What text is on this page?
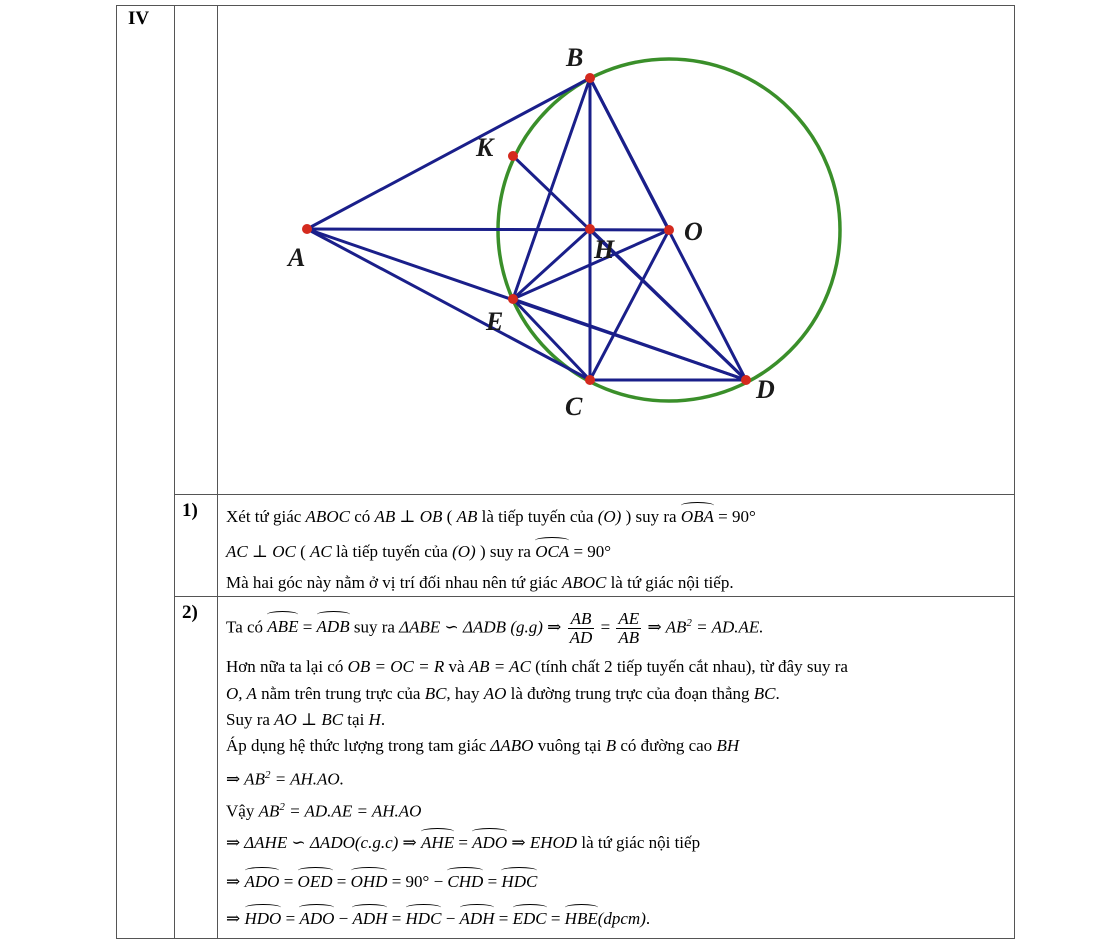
IV
1)
2)
B
K
A	H
O
E
C
D
Xét tứ giác ABOC có AB ⊥ OB ( AB là tiếp tuyến của (O) ) suy ra OBA = 90°
AC ⊥ OC ( AC là tiếp tuyến của (O) ) suy ra OCA = 90°
Mà hai góc này nằm ở vị trí đối nhau nên tứ giác ABOC là tứ giác nội tiếp.
Ta có ABE = ADB suy ra ΔABE ∽ ΔADB (g.g) ⇒ $\frac{AB}{AD} = \frac{AE}{AB}$ ⇒ $AB^2 = AD.AE$.
Hơn nữa ta lại có OB = OC = R và AB = AC (tính chất 2 tiếp tuyến cắt nhau), từ đây suy ra
O, A nằm trên trung trực của BC, hay AO là đường trung trực của đoạn thẳng BC.
Suy ra AO ⊥ BC tại H.
Áp dụng hệ thức lượng trong tam giác ΔABO vuông tại B có đường cao BH
⇒ $AB^2 = AH.AO$.
Vậy $AB^2 = AD.AE = AH.AO$
⇒ ΔAHE ∽ ΔADO(c.g.c) ⇒ AHE = ADO ⇒ EHOD là tứ giác nội tiếp
⇒ ADO = OED = OHD = 90° − CHD = HDC
⇒ HDO = ADO − ADH = HDC − ADH = EDC = HBE(dpcm).
